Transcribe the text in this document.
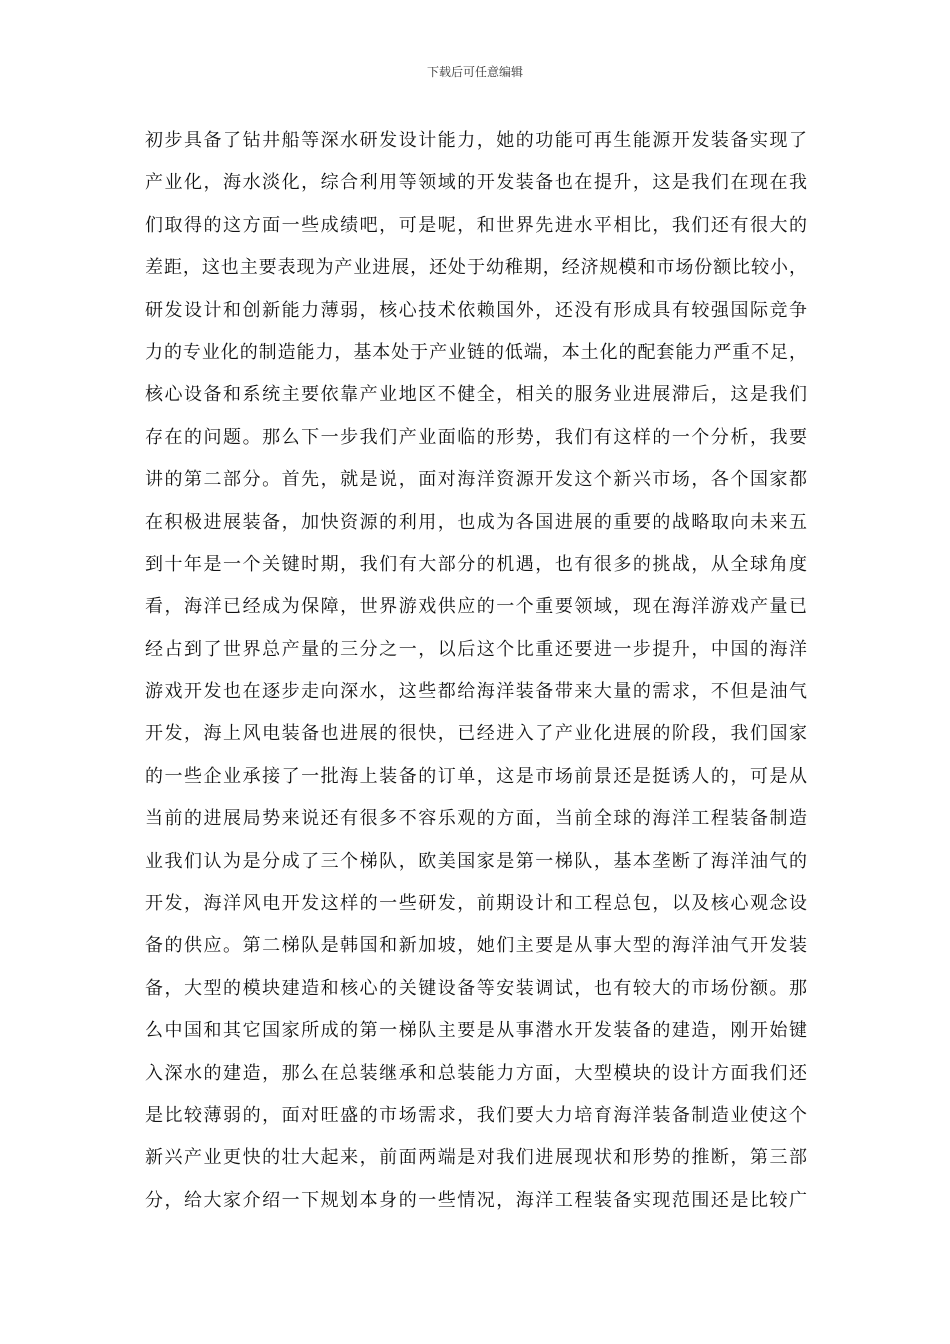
下载后可任意编辑
初步具备了钻井船等深水研发设计能力，她的功能可再生能源开发装备实现了
产业化，海水淡化，综合利用等领域的开发装备也在提升，这是我们在现在我
们取得的这方面一些成绩吧，可是呢，和世界先进水平相比，我们还有很大的
差距，这也主要表现为产业进展，还处于幼稚期，经济规模和市场份额比较小，
研发设计和创新能力薄弱，核心技术依赖国外，还没有形成具有较强国际竞争
力的专业化的制造能力，基本处于产业链的低端，本土化的配套能力严重不足，
核心设备和系统主要依靠产业地区不健全，相关的服务业进展滞后，这是我们
存在的问题。那么下一步我们产业面临的形势，我们有这样的一个分析，我要
讲的第二部分。首先，就是说，面对海洋资源开发这个新兴市场，各个国家都
在积极进展装备，加快资源的利用，也成为各国进展的重要的战略取向未来五
到十年是一个关键时期，我们有大部分的机遇，也有很多的挑战，从全球角度
看，海洋已经成为保障，世界游戏供应的一个重要领域，现在海洋游戏产量已
经占到了世界总产量的三分之一，以后这个比重还要进一步提升，中国的海洋
游戏开发也在逐步走向深水，这些都给海洋装备带来大量的需求，不但是油气
开发，海上风电装备也进展的很快，已经进入了产业化进展的阶段，我们国家
的一些企业承接了一批海上装备的订单，这是市场前景还是挺诱人的，可是从
当前的进展局势来说还有很多不容乐观的方面，当前全球的海洋工程装备制造
业我们认为是分成了三个梯队，欧美国家是第一梯队，基本垄断了海洋油气的
开发，海洋风电开发这样的一些研发，前期设计和工程总包，以及核心观念设
备的供应。第二梯队是韩国和新加坡，她们主要是从事大型的海洋油气开发装
备，大型的模块建造和核心的关键设备等安装调试，也有较大的市场份额。那
么中国和其它国家所成的第一梯队主要是从事潜水开发装备的建造，刚开始键
入深水的建造，那么在总装继承和总装能力方面，大型模块的设计方面我们还
是比较薄弱的，面对旺盛的市场需求，我们要大力培育海洋装备制造业使这个
新兴产业更快的壮大起来，前面两端是对我们进展现状和形势的推断，第三部
分，给大家介绍一下规划本身的一些情况，海洋工程装备实现范围还是比较广
